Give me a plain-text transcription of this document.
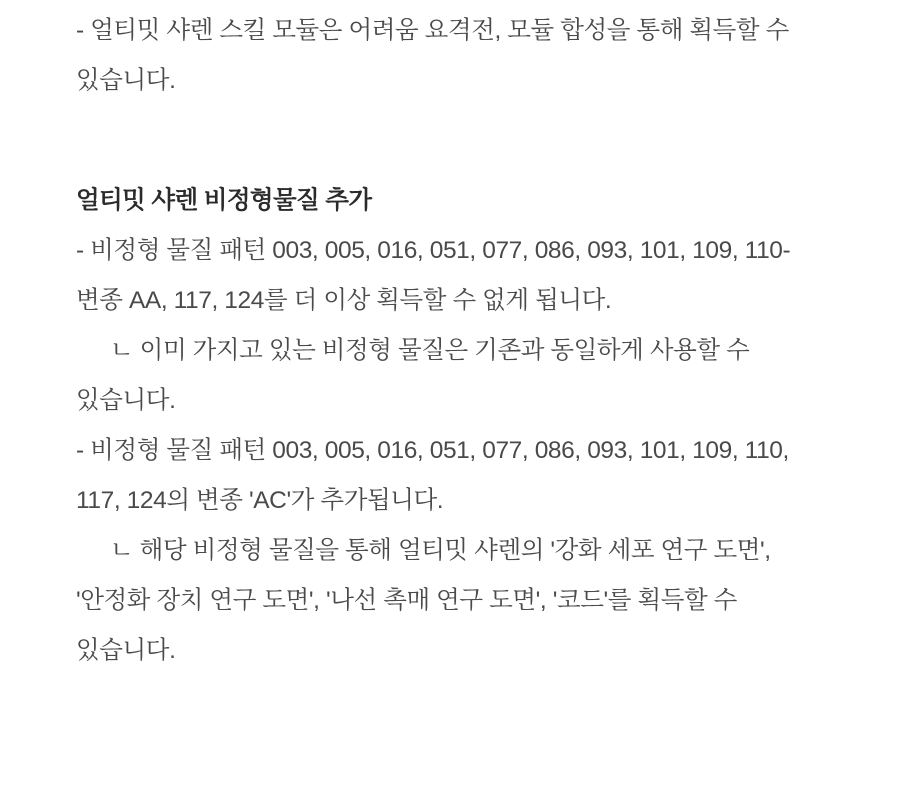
- 얼티밋 샤렌 스킬 모듈은 어려움 요격전, 모듈 합성을 통해 획득할 수 있습니다.

얼티밋 샤렌 비정형물질 추가

- 비정형 물질 패턴 003, 005, 016, 051, 077, 086, 093, 101, 109, 110-변종 AA, 117, 124를 더 이상 획득할 수 없게 됩니다.

ㄴ 이미 가지고 있는 비정형 물질은 기존과 동일하게 사용할 수 있습니다.

- 비정형 물질 패턴 003, 005, 016, 051, 077, 086, 093, 101, 109, 110, 117, 124의 변종 'AC'가 추가됩니다.

ㄴ 해당 비정형 물질을 통해 얼티밋 샤렌의 '강화 세포 연구 도면', '안정화 장치 연구 도면', '나선 촉매 연구 도면', '코드'를 획득할 수 있습니다.
